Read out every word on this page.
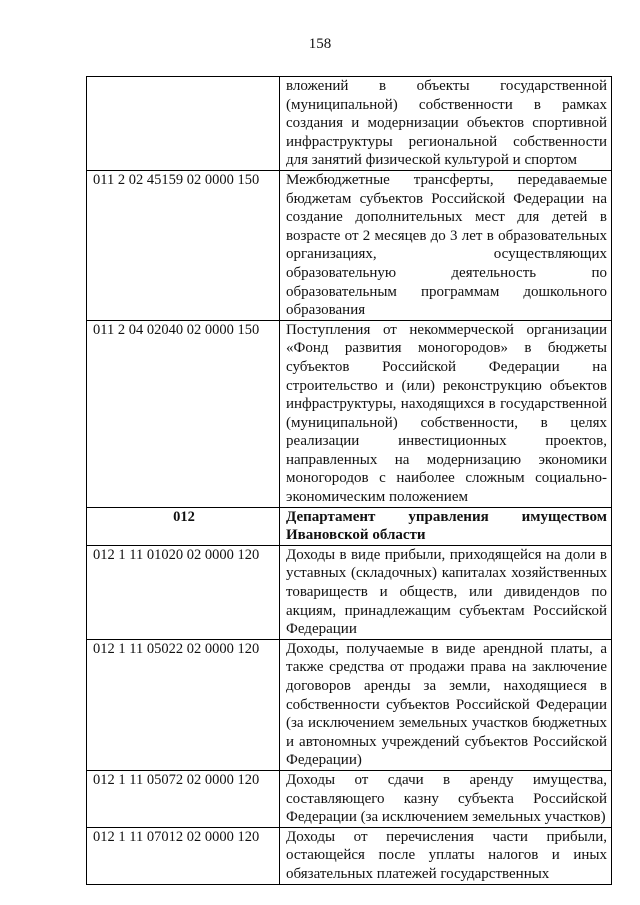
158
	вложений в объекты государственной (муниципальной) собственности в рамках создания и модернизации объектов спортивной инфраструктуры региональной собственности для занятий физической культурой и спортом
011 2 02 45159 02 0000 150	Межбюджетные трансферты, передаваемые бюджетам субъектов Российской Федерации на создание дополнительных мест для детей в возрасте от 2 месяцев до 3 лет в образовательных организациях, осуществляющих образовательную деятельность по образовательным программам дошкольного образования
011 2 04 02040 02 0000 150	Поступления от некоммерческой организации «Фонд развития моногородов» в бюджеты субъектов Российской Федерации на строительство и (или) реконструкцию объектов инфраструктуры, находящихся в государственной (муниципальной) собственности, в целях реализации инвестиционных проектов, направленных на модернизацию экономики моногородов с наиболее сложным социально-экономическим положением
012	Департамент управления имуществом Ивановской области
012 1 11 01020 02 0000 120	Доходы в виде прибыли, приходящейся на доли в уставных (складочных) капиталах хозяйственных товариществ и обществ, или дивидендов по акциям, принадлежащим субъектам Российской Федерации
012 1 11 05022 02 0000 120	Доходы, получаемые в виде арендной платы, а также средства от продажи права на заключение договоров аренды за земли, находящиеся в собственности субъектов Российской Федерации (за исключением земельных участков бюджетных и автономных учреждений субъектов Российской Федерации)
012 1 11 05072 02 0000 120	Доходы от сдачи в аренду имущества, составляющего казну субъекта Российской Федерации (за исключением земельных участков)
012 1 11 07012 02 0000 120	Доходы от перечисления части прибыли, остающейся после уплаты налогов и иных обязательных платежей государственных
